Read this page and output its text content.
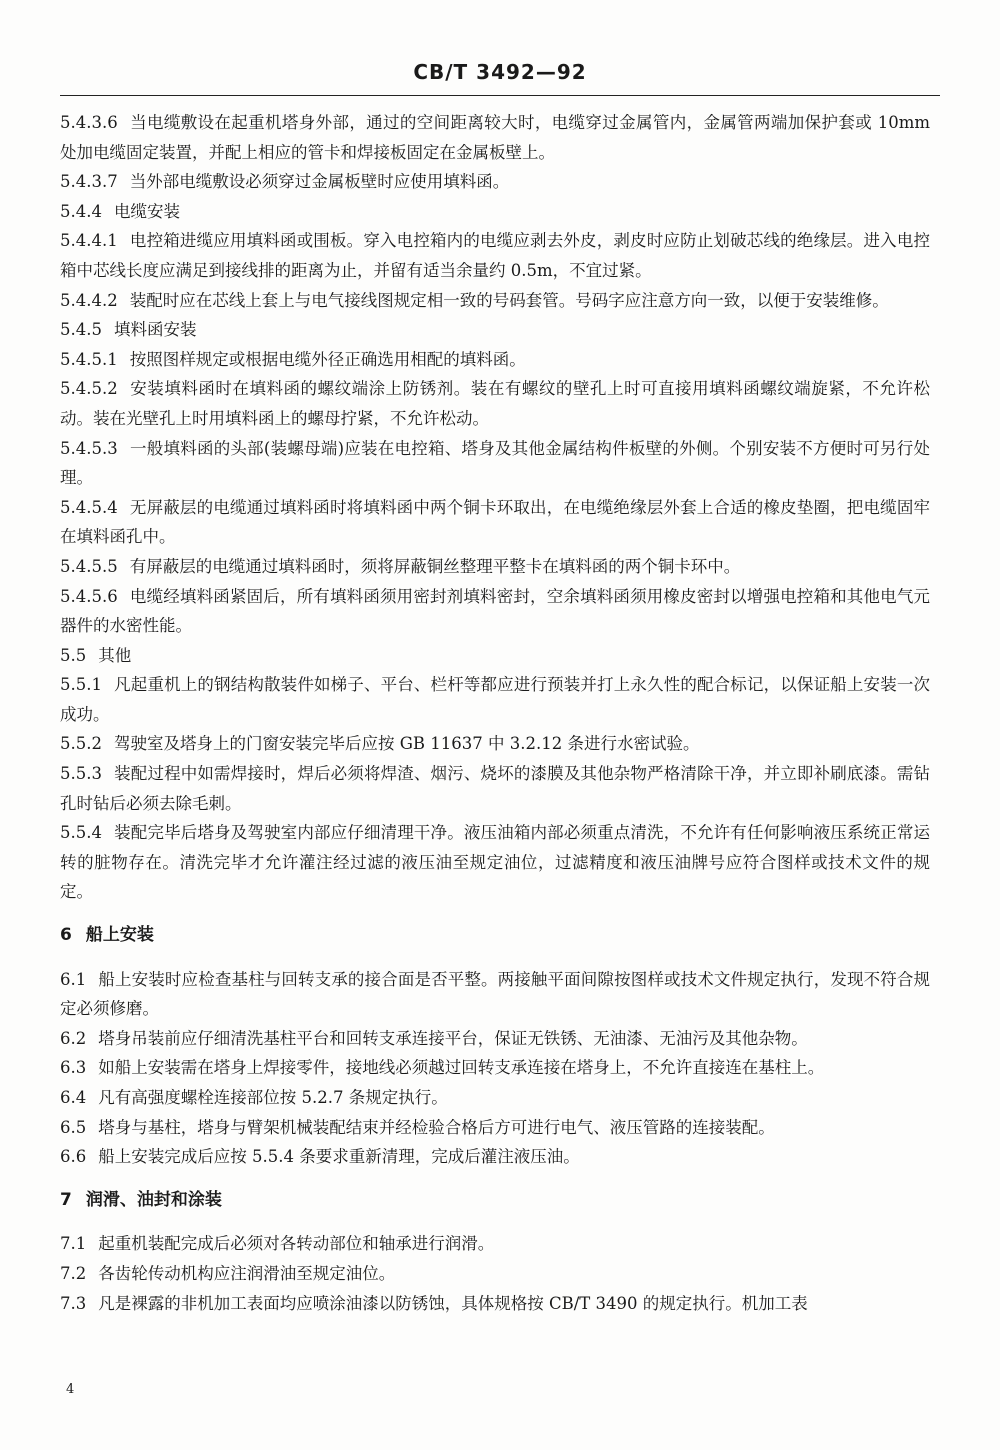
CB/T 3492—92

5.4.3.6 当电缆敷设在起重机塔身外部，通过的空间距离较大时，电缆穿过金属管内，金属管两端加保护套或 10mm 处加电缆固定装置，并配上相应的管卡和焊接板固定在金属板壁上。

5.4.3.7 当外部电缆敷设必须穿过金属板壁时应使用填料函。

5.4.4 电缆安装

5.4.4.1 电控箱进缆应用填料函或围板。穿入电控箱内的电缆应剥去外皮，剥皮时应防止划破芯线的绝缘层。进入电控箱中芯线长度应满足到接线排的距离为止，并留有适当余量约 0.5m，不宜过紧。

5.4.4.2 装配时应在芯线上套上与电气接线图规定相一致的号码套管。号码字应注意方向一致，以便于安装维修。

5.4.5 填料函安装

5.4.5.1 按照图样规定或根据电缆外径正确选用相配的填料函。

5.4.5.2 安装填料函时在填料函的螺纹端涂上防锈剂。装在有螺纹的壁孔上时可直接用填料函螺纹端旋紧，不允许松动。装在光壁孔上时用填料函上的螺母拧紧，不允许松动。

5.4.5.3 一般填料函的头部(装螺母端)应装在电控箱、塔身及其他金属结构件板壁的外侧。个别安装不方便时可另行处理。

5.4.5.4 无屏蔽层的电缆通过填料函时将填料函中两个铜卡环取出，在电缆绝缘层外套上合适的橡皮垫圈，把电缆固牢在填料函孔中。

5.4.5.5 有屏蔽层的电缆通过填料函时，须将屏蔽铜丝整理平整卡在填料函的两个铜卡环中。

5.4.5.6 电缆经填料函紧固后，所有填料函须用密封剂填料密封，空余填料函须用橡皮密封以增强电控箱和其他电气元器件的水密性能。

5.5 其他

5.5.1 凡起重机上的钢结构散装件如梯子、平台、栏杆等都应进行预装并打上永久性的配合标记，以保证船上安装一次成功。

5.5.2 驾驶室及塔身上的门窗安装完毕后应按 GB 11637 中 3.2.12 条进行水密试验。

5.5.3 装配过程中如需焊接时，焊后必须将焊渣、烟污、烧坏的漆膜及其他杂物严格清除干净，并立即补刷底漆。需钻孔时钻后必须去除毛刺。

5.5.4 装配完毕后塔身及驾驶室内部应仔细清理干净。液压油箱内部必须重点清洗，不允许有任何影响液压系统正常运转的脏物存在。清洗完毕才允许灌注经过滤的液压油至规定油位，过滤精度和液压油牌号应符合图样或技术文件的规定。

6 船上安装

6.1 船上安装时应检查基柱与回转支承的接合面是否平整。两接触平面间隙按图样或技术文件规定执行，发现不符合规定必须修磨。

6.2 塔身吊装前应仔细清洗基柱平台和回转支承连接平台，保证无铁锈、无油漆、无油污及其他杂物。

6.3 如船上安装需在塔身上焊接零件，接地线必须越过回转支承连接在塔身上，不允许直接连在基柱上。

6.4 凡有高强度螺栓连接部位按 5.2.7 条规定执行。

6.5 塔身与基柱，塔身与臂架机械装配结束并经检验合格后方可进行电气、液压管路的连接装配。

6.6 船上安装完成后应按 5.5.4 条要求重新清理，完成后灌注液压油。

7 润滑、油封和涂装

7.1 起重机装配完成后必须对各转动部位和轴承进行润滑。

7.2 各齿轮传动机构应注润滑油至规定油位。

7.3 凡是裸露的非机加工表面均应喷涂油漆以防锈蚀，具体规格按 CB/T 3490 的规定执行。机加工表

4
